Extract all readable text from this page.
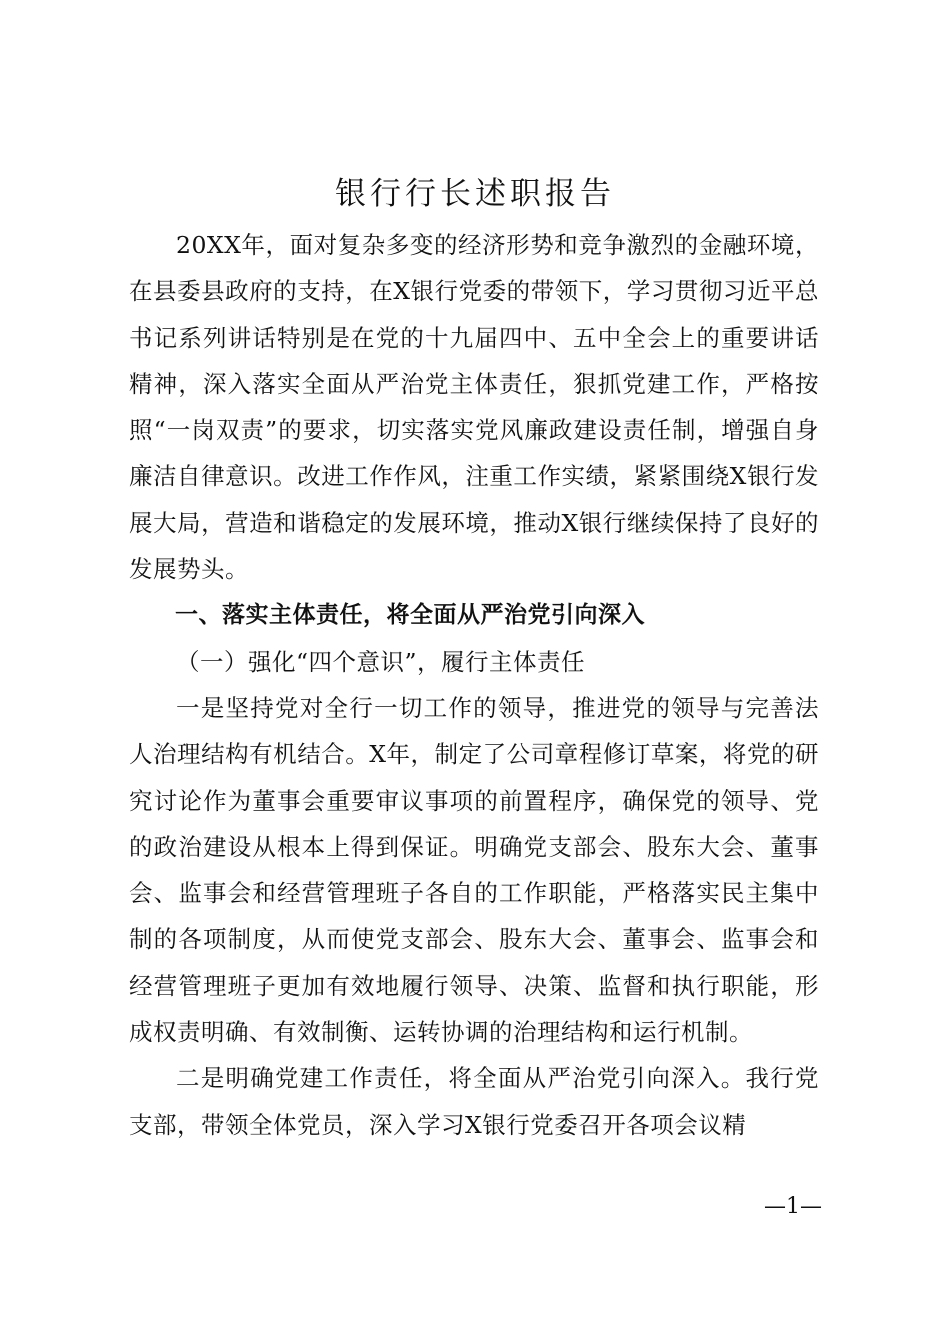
银行行长述职报告

20XX年，面对复杂多变的经济形势和竞争激烈的金融环境，在县委县政府的支持，在X银行党委的带领下，学习贯彻习近平总书记系列讲话特别是在党的十九届四中、五中全会上的重要讲话精神，深入落实全面从严治党主体责任，狠抓党建工作，严格按照“一岗双责”的要求，切实落实党风廉政建设责任制，增强自身廉洁自律意识。改进工作作风，注重工作实绩，紧紧围绕X银行发展大局，营造和谐稳定的发展环境，推动X银行继续保持了良好的发展势头。

一、落实主体责任，将全面从严治党引向深入

（一）强化“四个意识”，履行主体责任

一是坚持党对全行一切工作的领导，推进党的领导与完善法人治理结构有机结合。X年，制定了公司章程修订草案，将党的研究讨论作为董事会重要审议事项的前置程序，确保党的领导、党的政治建设从根本上得到保证。明确党支部会、股东大会、董事会、监事会和经营管理班子各自的工作职能，严格落实民主集中制的各项制度，从而使党支部会、股东大会、董事会、监事会和经营管理班子更加有效地履行领导、决策、监督和执行职能，形成权责明确、有效制衡、运转协调的治理结构和运行机制。

二是明确党建工作责任，将全面从严治党引向深入。我行党支部，带领全体党员，深入学习X银行党委召开各项会议精

—1—
